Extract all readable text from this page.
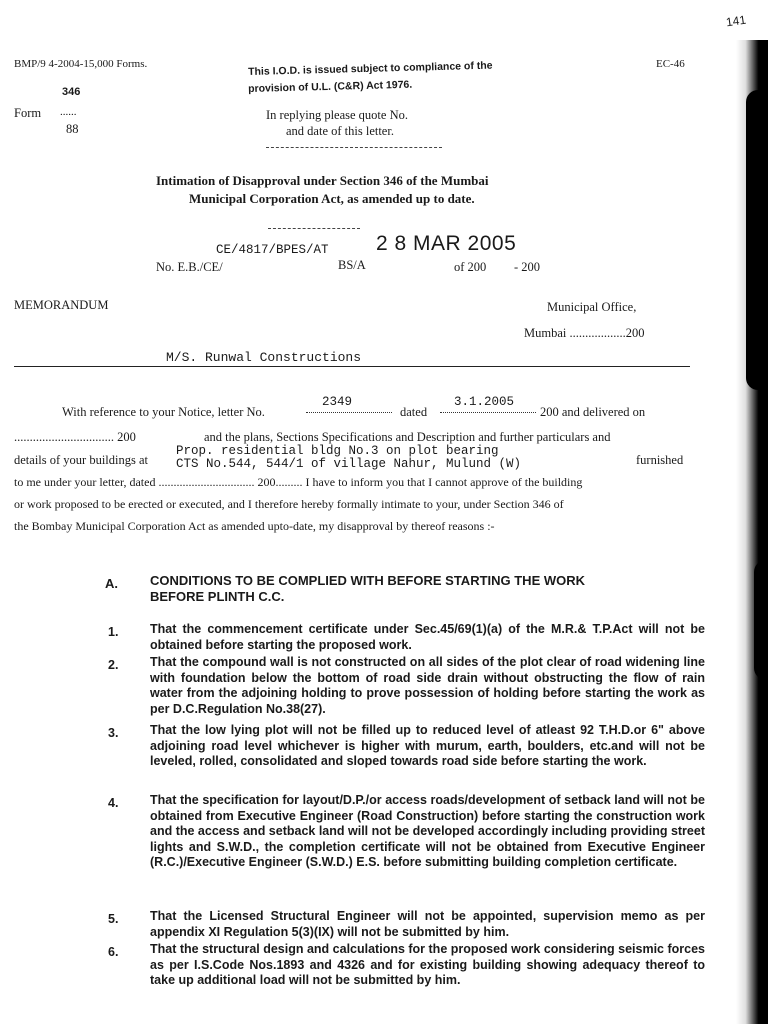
141
BMP/9 4-2004-15,000 Forms.
346
Form ......
88
This I.O.D. is issued subject to compliance of the
provision of U.L. (C&R) Act 1976.
In replying please quote No.
and date of this letter.
EC-46
Intimation of Disapproval under Section 346 of the Mumbai
Municipal Corporation Act, as amended up to date.
CE/4817/BPES/AT
No. E.B./CE/	BS/A
2 8 MAR 2005
of 200 - 200
MEMORANDUM	Municipal Office,
Mumbai ..................200
M/S. Runwal Constructions
With reference to your Notice, letter No.
2349
dated
3.1.2005
200 and delivered on
................................ 200	and the plans, Sections Specifications and Description and further particulars and
details of your buildings at
Prop. residential bldg No.3 on plot bearing
CTS No.544, 544/1 of village Nahur, Mulund (W)	furnished
to me under your letter, dated ................................ 200......... I have to inform you that I cannot approve of the building
or work proposed to be erected or executed, and I therefore hereby formally intimate to your, under Section 346 of
the Bombay Municipal Corporation Act as amended upto-date, my disapproval by thereof reasons :-
A. CONDITIONS TO BE COMPLIED WITH BEFORE STARTING THE WORK
BEFORE PLINTH C.C.
1.	That the commencement certificate under Sec.45/69(1)(a) of the M.R.& T.P.Act will not be obtained before starting the proposed work.
2.	That the compound wall is not constructed on all sides of the plot clear of road widening line with foundation below the bottom of road side drain without obstructing the flow of rain water from the adjoining holding to prove possession of holding before starting the work as per D.C.Regulation No.38(27).
3.	That the low lying plot will not be filled up to reduced level of atleast 92 T.H.D.or 6" above adjoining road level whichever is higher with murum, earth, boulders, etc.and will not be leveled, rolled, consolidated and sloped towards road side before starting the work.
4.	That the specification for layout/D.P./or access roads/development of setback land will not be obtained from Executive Engineer (Road Construction) before starting the construction work and the access and setback land will not be developed accordingly including providing street lights and S.W.D., the completion certificate will not be obtained from Executive Engineer (R.C.)/Executive Engineer (S.W.D.) E.S. before submitting building completion certificate.
5.	That the Licensed Structural Engineer will not be appointed, supervision memo as per appendix XI Regulation 5(3)(IX) will not be submitted by him.
6.	That the structural design and calculations for the proposed work considering seismic forces as per I.S.Code Nos.1893 and 4326 and for existing building showing adequacy thereof to take up additional load will not be submitted by him.
